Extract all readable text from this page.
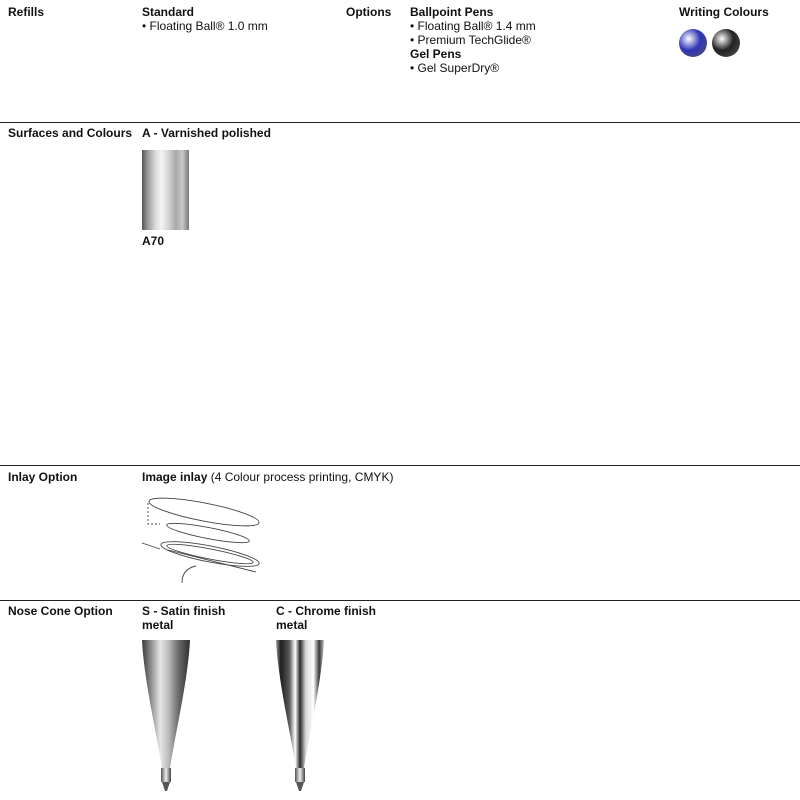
Refills	Standard
• Floating Ball® 1.0 mm
Options Ballpoint Pens
• Floating Ball® 1.4 mm
• Premium TechGlide®
Gel Pens
• Gel SuperDry®
Writing Colours
Surfaces and Colours A - Varnished polished
A70
Inlay Option	Image inlay (4 Colour process printing, CMYK)
Nose Cone Option S - Satin finish
metal
C - Chrome finish
metal
